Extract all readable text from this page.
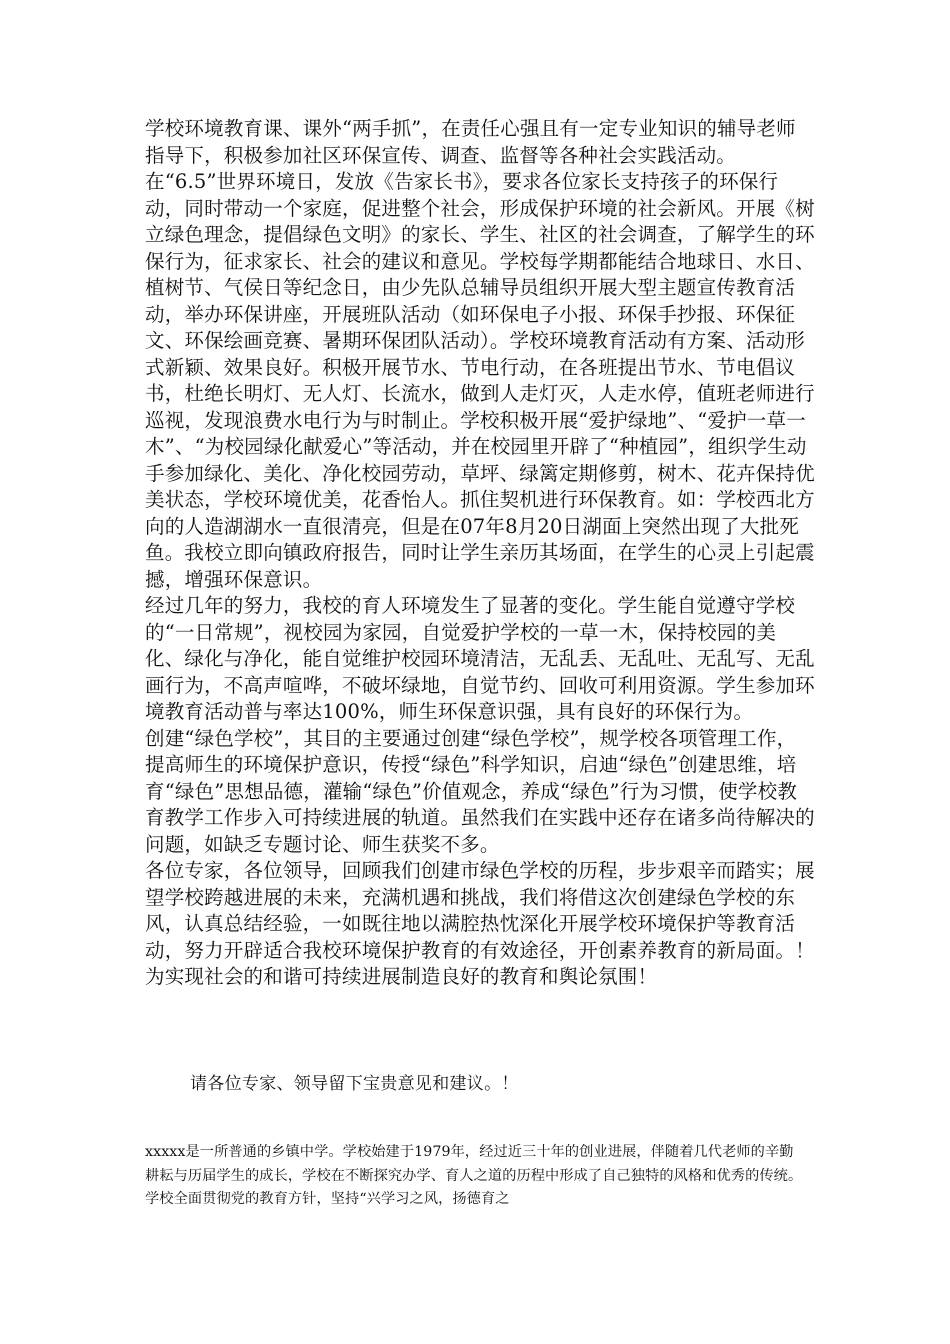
学校环境教育课、课外“两手抓”，在责任心强且有一定专业知识的辅导老师指导下，积极参加社区环保宣传、调查、监督等各种社会实践活动。在“6.5”世界环境日，发放《告家长书》，要求各位家长支持孩子的环保行动，同时带动一个家庭，促进整个社会，形成保护环境的社会新风。开展《树立绿色理念，提倡绿色文明》的家长、学生、社区的社会调查，了解学生的环保行为，征求家长、社会的建议和意见。学校每学期都能结合地球日、水日、植树节、气侯日等纪念日，由少先队总辅导员组织开展大型主题宣传教育活动，举办环保讲座，开展班队活动（如环保电子小报、环保手抄报、环保征文、环保绘画竞赛、暑期环保团队活动）。学校环境教育活动有方案、活动形式新颖、效果良好。积极开展节水、节电行动，在各班提出节水、节电倡议书，杜绝长明灯、无人灯、长流水，做到人走灯灭，人走水停，值班老师进行巡视，发现浪费水电行为与时制止。学校积极开展“爱护绿地”、“爱护一草一木”、“为校园绿化献爱心”等活动，并在校园里开辟了“种植园”，组织学生动手参加绿化、美化、净化校园劳动，草坪、绿篱定期修剪，树木、花卉保持优美状态，学校环境优美，花香怡人。抓住契机进行环保教育。如：学校西北方向的人造湖湖水一直很清亮，但是在07年8月20日湖面上突然出现了大批死鱼。我校立即向镇政府报告，同时让学生亲历其场面，在学生的心灵上引起震撼，增强环保意识。

经过几年的努力，我校的育人环境发生了显著的变化。学生能自觉遵守学校的“一日常规”，视校园为家园，自觉爱护学校的一草一木，保持校园的美化、绿化与净化，能自觉维护校园环境清洁，无乱丢、无乱吐、无乱写、无乱画行为，不高声喧哗，不破坏绿地，自觉节约、回收可利用资源。学生参加环境教育活动普与率达100%，师生环保意识强，具有良好的环保行为。

创建“绿色学校”，其目的主要通过创建“绿色学校”，规学校各项管理工作，提高师生的环境保护意识，传授“绿色”科学知识，启迪“绿色”创建思维，培育“绿色”思想品德，灌输“绿色”价值观念，养成“绿色”行为习惯，使学校教育教学工作步入可持续进展的轨道。虽然我们在实践中还存在诸多尚待解决的问题，如缺乏专题讨论、师生获奖不多。

各位专家，各位领导，回顾我们创建市绿色学校的历程，步步艰辛而踏实；展望学校跨越进展的未来，充满机遇和挑战，我们将借这次创建绿色学校的东风，认真总结经验，一如既往地以满腔热忱深化开展学校环境保护等教育活动，努力开辟适合我校环境保护教育的有效途径，开创素养教育的新局面。！为实现社会的和谐可持续进展制造良好的教育和舆论氛围！

请各位专家、领导留下宝贵意见和建议。！

xxxxx是一所普通的乡镇中学。学校始建于1979年，经过近三十年的创业进展，伴随着几代老师的辛勤耕耘与历届学生的成长，学校在不断探究办学、育人之道的历程中形成了自己独特的风格和优秀的传统。学校全面贯彻党的教育方针，坚持“兴学习之风，扬德育之
